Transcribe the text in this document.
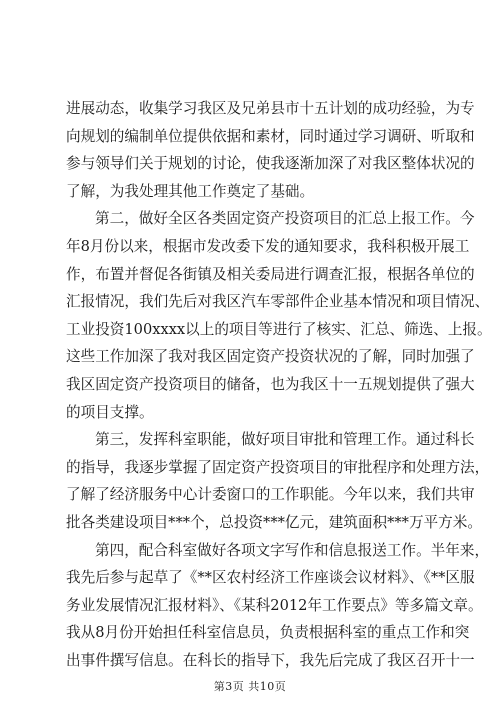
进展动态，收集学习我区及兄弟县市十五计划的成功经验，为专
向规划的编制单位提供依据和素材，同时通过学习调研、听取和
参与领导们关于规划的讨论，使我逐渐加深了对我区整体状况的
了解，为我处理其他工作奠定了基础。
第二，做好全区各类固定资产投资项目的汇总上报工作。今
年8月份以来，根据市发改委下发的通知要求，我科积极开展工
作，布置并督促各街镇及相关委局进行调查汇报，根据各单位的
汇报情况，我们先后对我区汽车零部件企业基本情况和项目情况、
工业投资100xxxx以上的项目等进行了核实、汇总、筛选、上报。
这些工作加深了我对我区固定资产投资状况的了解，同时加强了
我区固定资产投资项目的储备，也为我区十一五规划提供了强大
的项目支撑。
第三，发挥科室职能，做好项目审批和管理工作。通过科长
的指导，我逐步掌握了固定资产投资项目的审批程序和处理方法，
了解了经济服务中心计委窗口的工作职能。今年以来，我们共审
批各类建设项目***个，总投资***亿元，建筑面积***万平方米。
第四，配合科室做好各项文字写作和信息报送工作。半年来，
我先后参与起草了《**区农村经济工作座谈会议材料》、《**区服
务业发展情况汇报材料》、《某科2012年工作要点》等多篇文章。
我从8月份开始担任科室信息员，负责根据科室的重点工作和突
出事件撰写信息。在科长的指导下，我先后完成了我区召开十一
第3页 共10页
